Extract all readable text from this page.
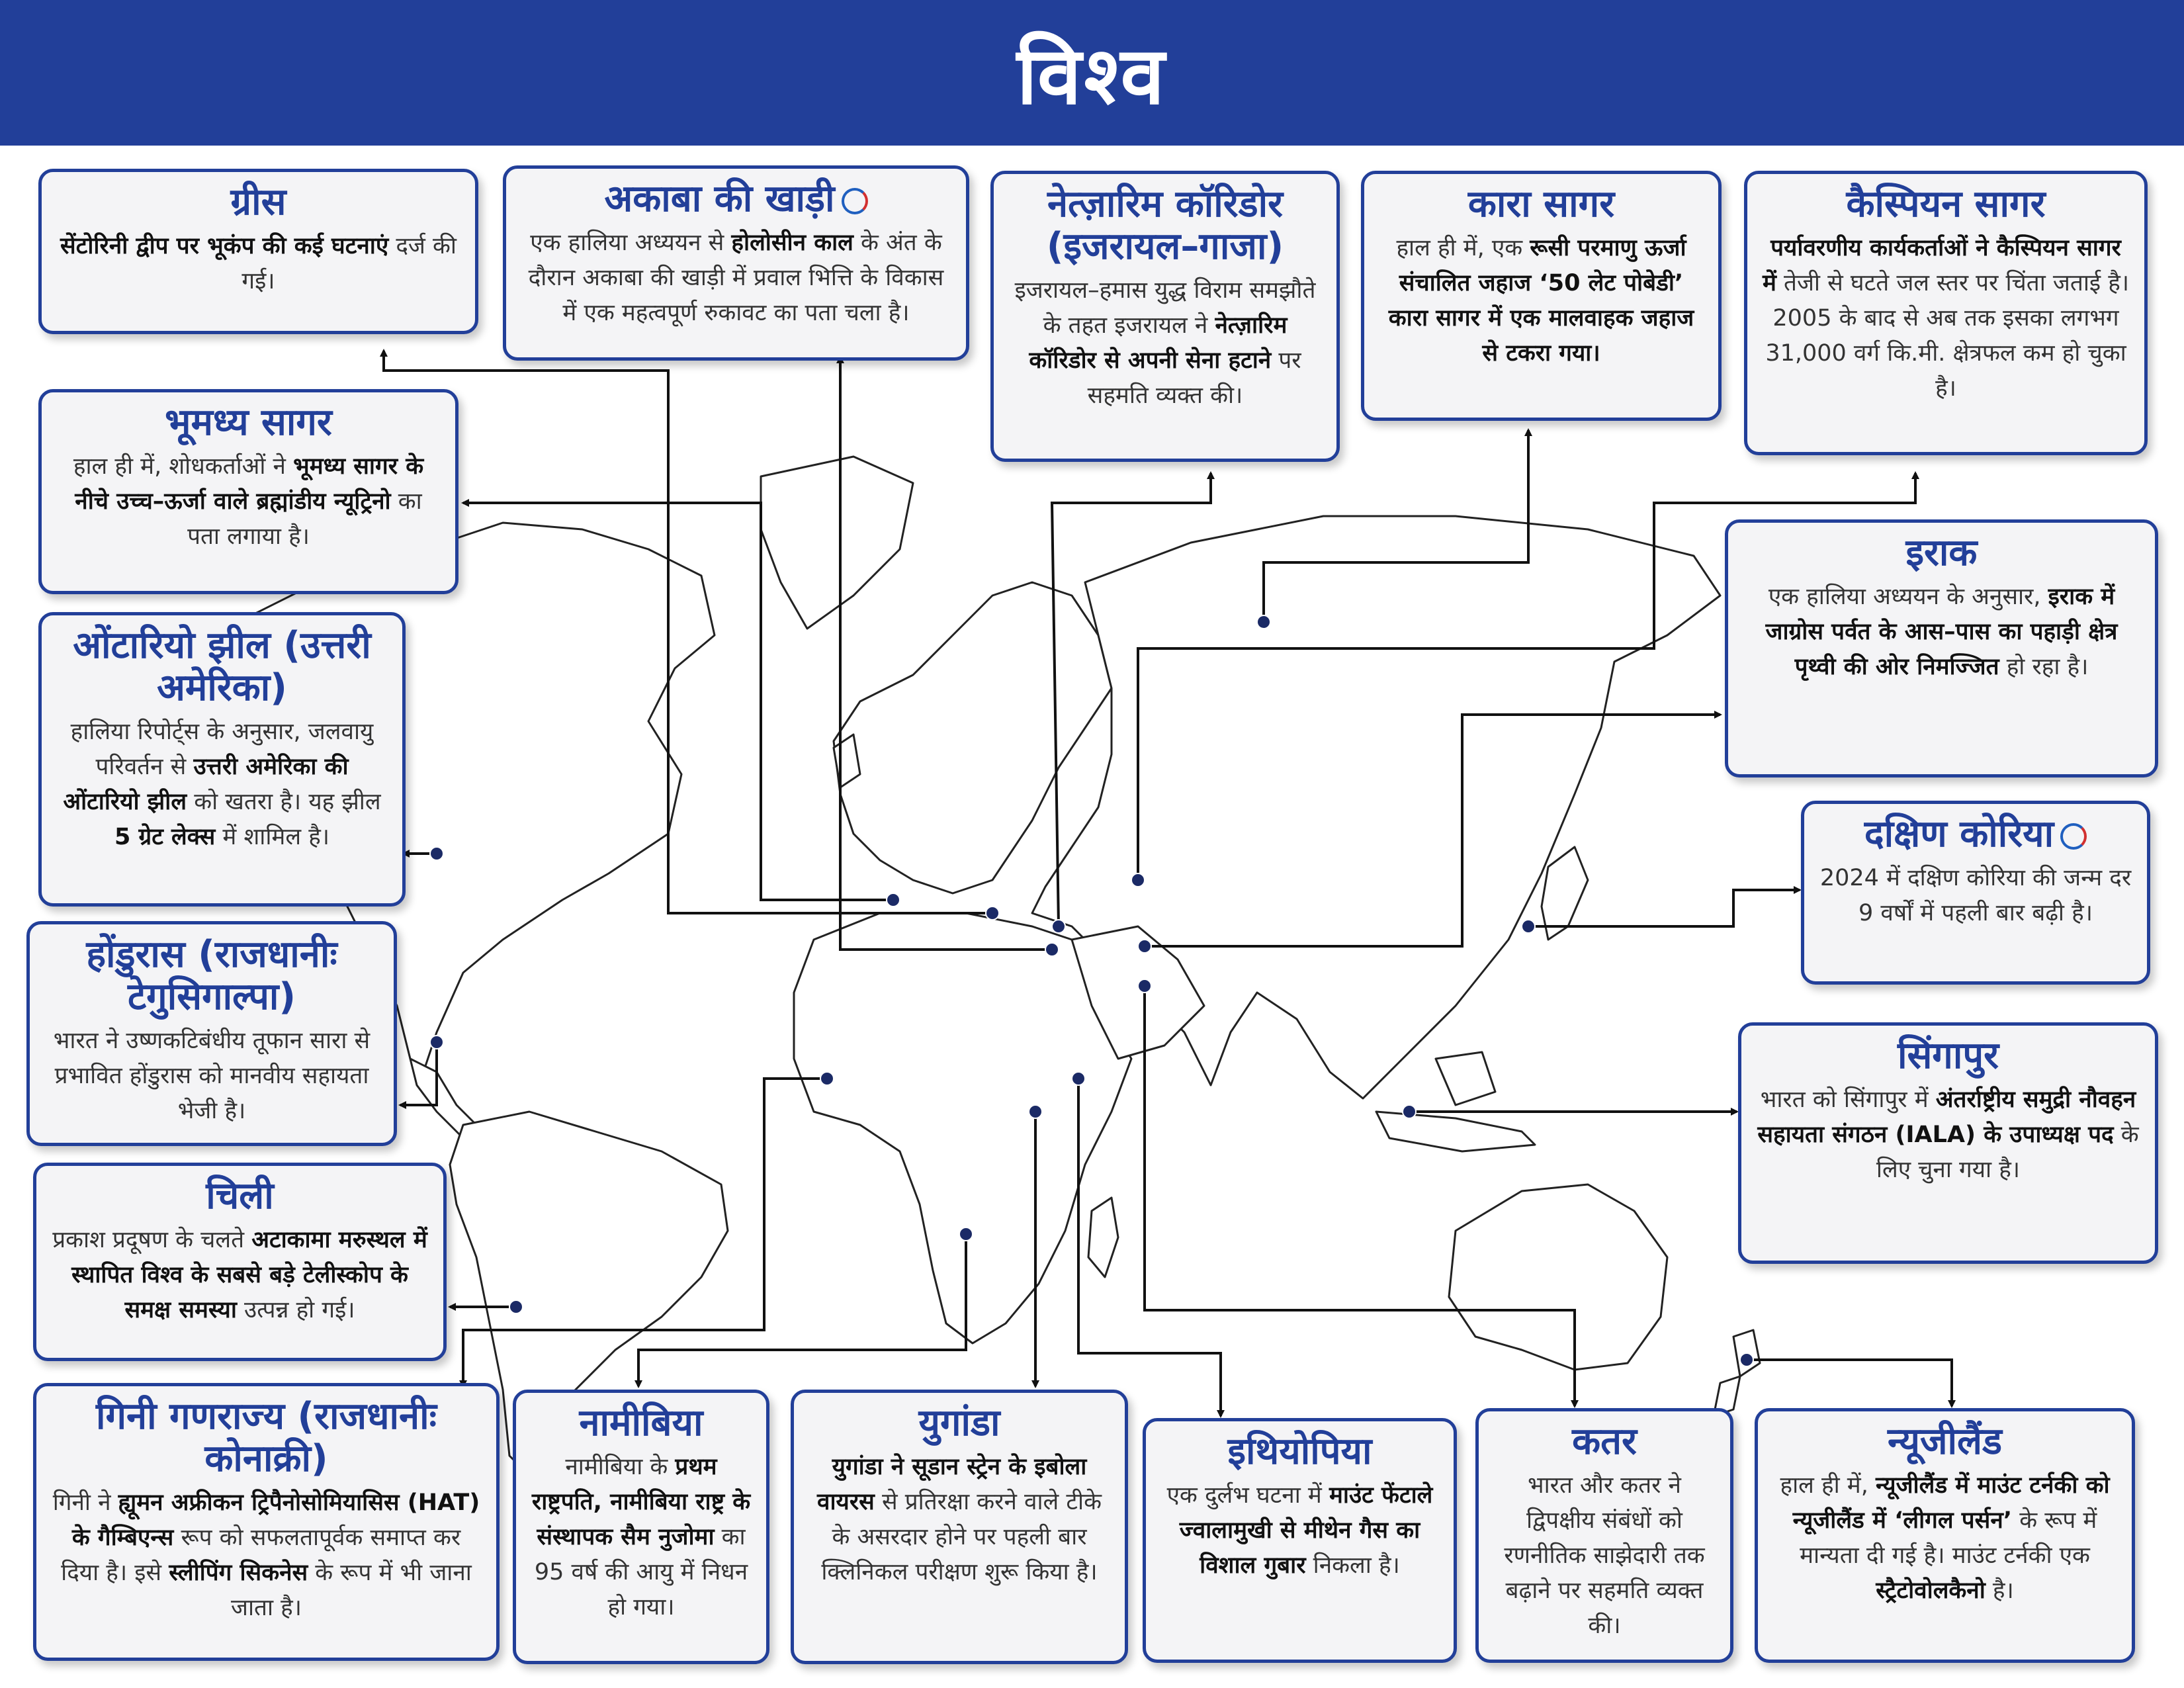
विश्व
ग्रीस

सेंटोरिनी द्वीप पर भूकंप की कई घटनाएं दर्ज की गई।

अकाबा की खाड़ी

एक हालिया अध्ययन से होलोसीन काल के अंत के दौरान अकाबा की खाड़ी में प्रवाल भित्ति के विकास में एक महत्वपूर्ण रुकावट का पता चला है।

नेत्ज़ारिम कॉरिडोर (इजरायल–गाजा)

इजरायल–हमास युद्ध विराम समझौते के तहत इजरायल ने नेत्ज़ारिम कॉरिडोर से अपनी सेना हटाने पर सहमति व्यक्त की।

कारा सागर

हाल ही में, एक रूसी परमाणु ऊर्जा संचालित जहाज ‘50 लेट पोबेडी’ कारा सागर में एक मालवाहक जहाज से टकरा गया।

कैस्पियन सागर

पर्यावरणीय कार्यकर्ताओं ने कैस्पियन सागर में तेजी से घटते जल स्तर पर चिंता जताई है। 2005 के बाद से अब तक इसका लगभग 31,000 वर्ग कि.मी. क्षेत्रफल कम हो चुका है।

भूमध्य सागर

हाल ही में, शोधकर्ताओं ने भूमध्य सागर के नीचे उच्च–ऊर्जा वाले ब्रह्मांडीय न्यूट्रिनो का पता लगाया है।

ओंटारियो झील (उत्तरी अमेरिका)

हालिया रिपोर्ट्स के अनुसार, जलवायु परिवर्तन से उत्तरी अमेरिका की ओंटारियो झील को खतरा है। यह झील 5 ग्रेट लेक्स में शामिल है।

होंडुरास (राजधानीः टेगुसिगाल्पा)

भारत ने उष्णकटिबंधीय तूफान सारा से प्रभावित होंडुरास को मानवीय सहायता भेजी है।

चिली

प्रकाश प्रदूषण के चलते अटाकामा मरुस्थल में स्थापित विश्व के सबसे बड़े टेलीस्कोप के समक्ष समस्या उत्पन्न हो गई।

इराक

एक हालिया अध्ययन के अनुसार, इराक में जाग्रोस पर्वत के आस–पास का पहाड़ी क्षेत्र पृथ्वी की ओर निमज्जित हो रहा है।

दक्षिण कोरिया

2024 में दक्षिण कोरिया की जन्म दर 9 वर्षों में पहली बार बढ़ी है।

सिंगापुर

भारत को सिंगापुर में अंतर्राष्ट्रीय समुद्री नौवहन सहायता संगठन (IALA) के उपाध्यक्ष पद के लिए चुना गया है।

गिनी गणराज्य (राजधानीः कोनाक्री)

गिनी ने ह्यूमन अफ्रीकन ट्रिपैनोसोमियासिस (HAT) के गैम्बिएन्स रूप को सफलतापूर्वक समाप्त कर दिया है। इसे स्लीपिंग सिकनेस के रूप में भी जाना जाता है।

नामीबिया

नामीबिया के प्रथम राष्ट्रपति, नामीबिया राष्ट्र के संस्थापक सैम नुजोमा का 95 वर्ष की आयु में निधन हो गया।

युगांडा

युगांडा ने सूडान स्ट्रेन के इबोला वायरस से प्रतिरक्षा करने वाले टीके के असरदार होने पर पहली बार क्लिनिकल परीक्षण शुरू किया है।

इथियोपिया

एक दुर्लभ घटना में माउंट फेंटाले ज्वालामुखी से मीथेन गैस का विशाल गुबार निकला है।

कतर

भारत और कतर ने द्विपक्षीय संबंधों को रणनीतिक साझेदारी तक बढ़ाने पर सहमति व्यक्त की।

न्यूजीलैंड

हाल ही में, न्यूजीलैंड में माउंट टर्नकी को न्यूजीलैंड में ‘लीगल पर्सन’ के रूप में मान्यता दी गई है। माउंट टर्नकी एक स्ट्रैटोवोलकैनो है।
